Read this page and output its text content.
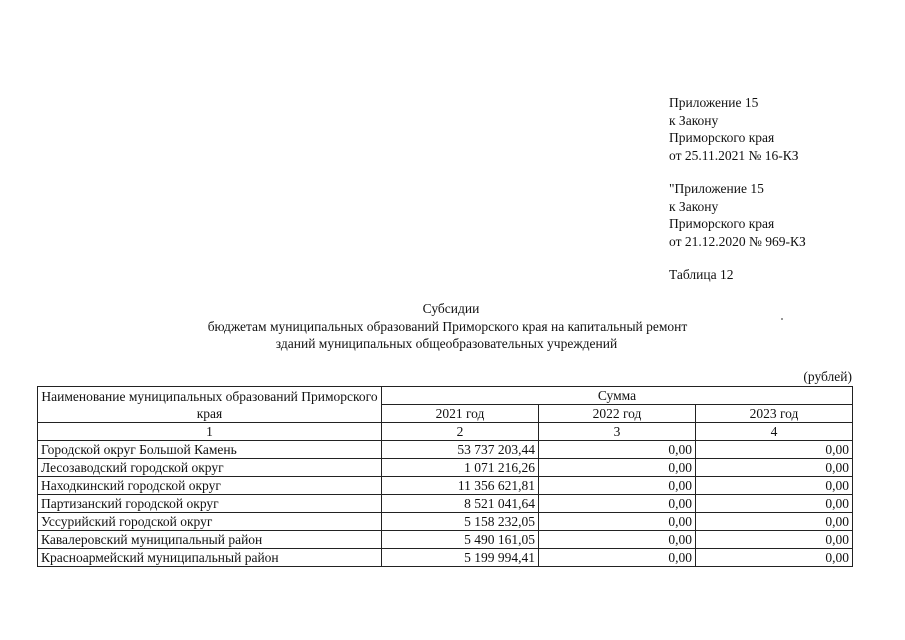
Приложение 15
к Закону
Приморского края
от 25.11.2021 № 16-КЗ
"Приложение 15
к Закону
Приморского края
от 21.12.2020 № 969-КЗ
Таблица 12
Субсидии
бюджетам муниципальных образований Приморского края на капитальный ремонт
зданий муниципальных общеобразовательных учреждений
(рублей)
Наименование муниципальных образований Приморского края	Сумма		
	2021 год	2022 год	2023 год
1	2	3	4
Городской округ Большой Камень	53 737 203,44	0,00	0,00
Лесозаводский городской округ	1 071 216,26	0,00	0,00
Находкинский городской округ	11 356 621,81	0,00	0,00
Партизанский городской округ	8 521 041,64	0,00	0,00
Уссурийский городской округ	5 158 232,05	0,00	0,00
Кавалеровский муниципальный район	5 490 161,05	0,00	0,00
Красноармейский муниципальный район	5 199 994,41	0,00	0,00
